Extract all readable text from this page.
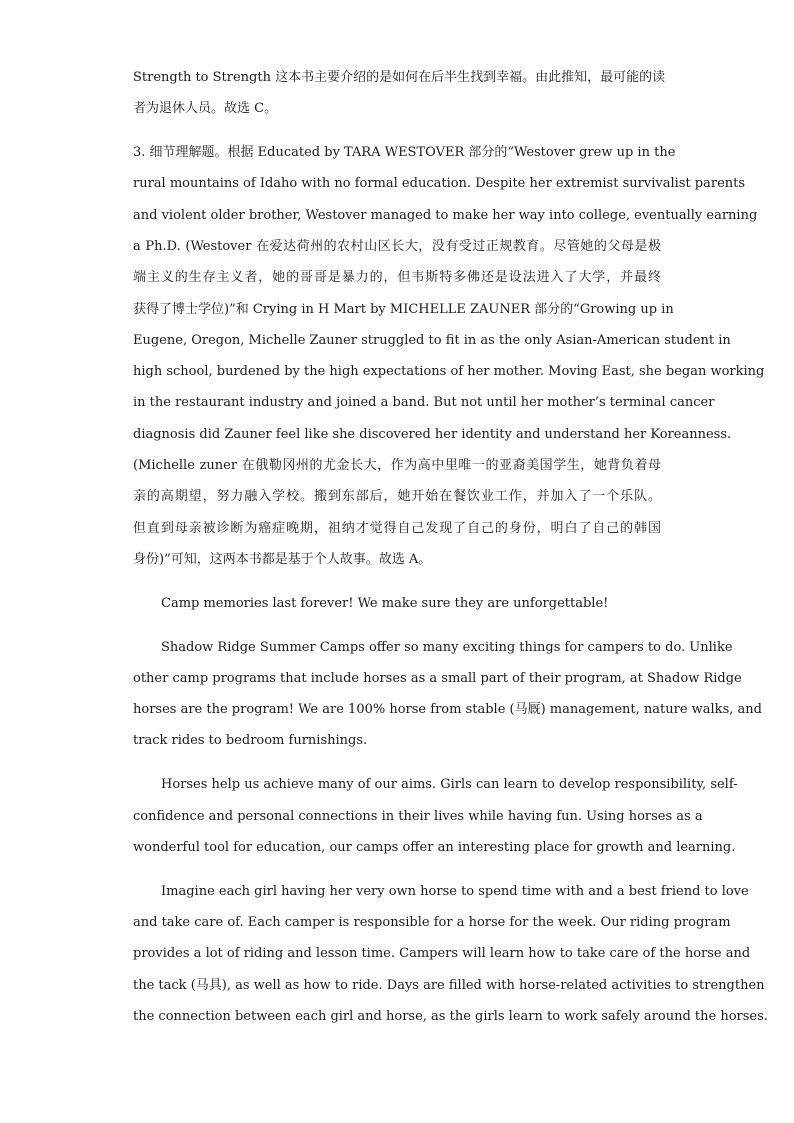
Strength to Strength 这本书主要介绍的是如何在后半生找到幸福。由此推知，最可能的读
者为退休人员。故选 C。
3. 细节理解题。根据 Educated by TARA WESTOVER 部分的“Westover grew up in the
rural mountains of Idaho with no formal education. Despite her extremist survivalist parents
and violent older brother, Westover managed to make her way into college, eventually earning
a Ph.D. (Westover 在爱达荷州的农村山区长大，没有受过正规教育。尽管她的父母是极
端主义的生存主义者，她的哥哥是暴力的，但韦斯特多佛还是设法进入了大学，并最终
获得了博士学位)”和 Crying in H Mart by MICHELLE ZAUNER 部分的“Growing up in
Eugene, Oregon, Michelle Zauner struggled to fit in as the only Asian-American student in
high school, burdened by the high expectations of her mother. Moving East, she began working
in the restaurant industry and joined a band. But not until her mother’s terminal cancer
diagnosis did Zauner feel like she discovered her identity and understand her Koreanness.
(Michelle zuner 在俄勒冈州的尤金长大，作为高中里唯一的亚裔美国学生，她背负着母
亲的高期望，努力融入学校。搬到东部后，她开始在餐饮业工作，并加入了一个乐队。
但直到母亲被诊断为癌症晚期，祖纳才觉得自己发现了自己的身份，明白了自己的韩国
身份)”可知，这两本书都是基于个人故事。故选 A。
Camp memories last forever! We make sure they are unforgettable!
Shadow Ridge Summer Camps offer so many exciting things for campers to do. Unlike
other camp programs that include horses as a small part of their program, at Shadow Ridge
horses are the program! We are 100% horse from stable (马厩) management, nature walks, and
track rides to bedroom furnishings.
Horses help us achieve many of our aims. Girls can learn to develop responsibility, self-
confidence and personal connections in their lives while having fun. Using horses as a
wonderful tool for education, our camps offer an interesting place for growth and learning.
Imagine each girl having her very own horse to spend time with and a best friend to love
and take care of. Each camper is responsible for a horse for the week. Our riding program
provides a lot of riding and lesson time. Campers will learn how to take care of the horse and
the tack (马具), as well as how to ride. Days are filled with horse-related activities to strengthen
the connection between each girl and horse, as the girls learn to work safely around the horses.
